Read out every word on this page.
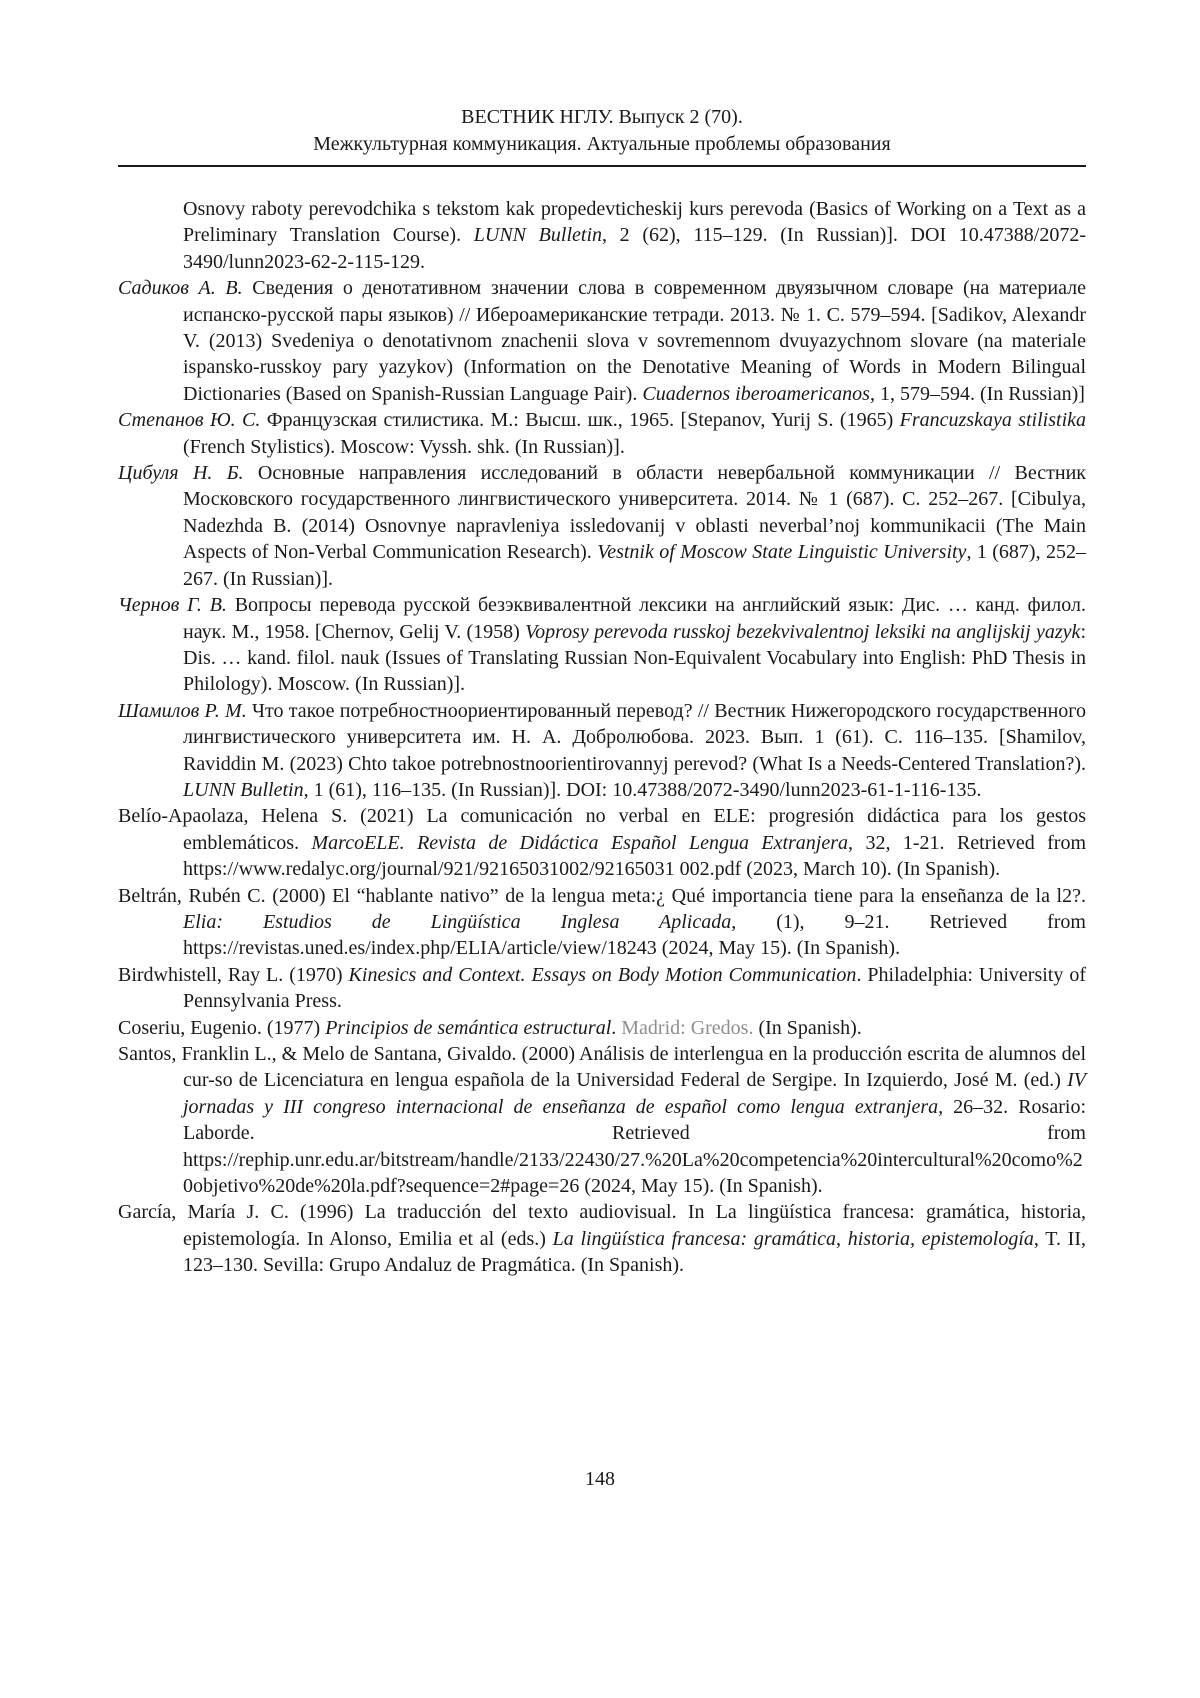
ВЕСТНИК НГЛУ. Выпуск 2 (70).
Межкультурная коммуникация. Актуальные проблемы образования

Osnovy raboty perevodchika s tekstom kak propedevticheskij kurs perevoda (Basics of Working on a Text as a Preliminary Translation Course). LUNN Bulletin, 2 (62), 115–129. (In Russian)]. DOI 10.47388/2072-3490/lunn2023-62-2-115-129.

Садиков А. В. Сведения о денотативном значении слова в современном двуязычном словаре (на материале испанско-русской пары языков) // Ибероамериканские тетради. 2013. № 1. С. 579–594. [Sadikov, Alexandr V. (2013) Svedeniya o denotativnom znachenii slova v sovremennom dvuyazychnom slovare (na materiale ispansko-russkoy pary yazykov) (Information on the Denotative Meaning of Words in Modern Bilingual Dictionaries (Based on Spanish-Russian Language Pair). Cuadernos iberoamericanos, 1, 579–594. (In Russian)]

Степанов Ю. С. Французская стилистика. М.: Высш. шк., 1965. [Stepanov, Yurij S. (1965) Francuzskaya stilistika (French Stylistics). Moscow: Vyssh. shk. (In Russian)].

Цибуля Н. Б. Основные направления исследований в области невербальной коммуникации // Вестник Московского государственного лингвистического университета. 2014. № 1 (687). С. 252–267. [Cibulya, Nadezhda B. (2014) Osnovnye napravleniya issledovanij v oblasti neverbal’noj kommunikacii (The Main Aspects of Non-Verbal Communication Research). Vestnik of Moscow State Linguistic University, 1 (687), 252–267. (In Russian)].

Чернов Г. В. Вопросы перевода русской безэквивалентной лексики на английский язык: Дис. … канд. филол. наук. М., 1958. [Chernov, Gelij V. (1958) Voprosy perevoda russkoj bezekvivalentnoj leksiki na anglijskij yazyk: Dis. … kand. filol. nauk (Issues of Translating Russian Non-Equivalent Vocabulary into English: PhD Thesis in Philology). Moscow. (In Russian)].

Шамилов Р. М. Что такое потребностноориентированный перевод? // Вестник Нижегородского государственного лингвистического университета им. Н. А. Добролюбова. 2023. Вып. 1 (61). С. 116–135. [Shamilov, Raviddin M. (2023) Chto takoe potrebnostnoorientirovannyj perevod? (What Is a Needs-Centered Translation?). LUNN Bulletin, 1 (61), 116–135. (In Russian)]. DOI: 10.47388/2072-3490/lunn2023-61-1-116-135.

Belío-Apaolaza, Helena S. (2021) La comunicación no verbal en ELE: progresión didáctica para los gestos emblemáticos. MarcoELE. Revista de Didáctica Español Lengua Extranjera, 32, 1-21. Retrieved from https://www.redalyc.org/journal/921/92165031002/92165031 002.pdf (2023, March 10). (In Spanish).

Beltrán, Rubén C. (2000) El “hablante nativo” de la lengua meta:¿ Qué importancia tiene para la enseñanza de la l2?. Elia: Estudios de Lingüística Inglesa Aplicada, (1), 9–21. Retrieved from https://revistas.uned.es/index.php/ELIA/article/view/18243 (2024, May 15). (In Spanish).

Birdwhistell, Ray L. (1970) Kinesics and Context. Essays on Body Motion Communication. Philadelphia: University of Pennsylvania Press.

Coseriu, Eugenio. (1977) Principios de semántica estructural. Madrid: Gredos. (In Spanish).

Santos, Franklin L., & Melo de Santana, Givaldo. (2000) Análisis de interlengua en la producción escrita de alumnos del cur-so de Licenciatura en lengua española de la Universidad Federal de Sergipe. In Izquierdo, José M. (ed.) IV jornadas y III congreso internacional de enseñanza de español como lengua extranjera, 26–32. Rosario: Laborde. Retrieved from https://rephip.unr.edu.ar/bitstream/handle/2133/22430/27.%20La%20competencia%20intercultural%20como%20objetivo%20de%20la.pdf?sequence=2#page=26 (2024, May 15). (In Spanish).

García, María J. C. (1996) La traducción del texto audiovisual. In La lingüística francesa: gramática, historia, epistemología. In Alonso, Emilia et al (eds.) La lingüística francesa: gramática, historia, epistemología, T. II, 123–130. Sevilla: Grupo Andaluz de Pragmática. (In Spanish).

148
